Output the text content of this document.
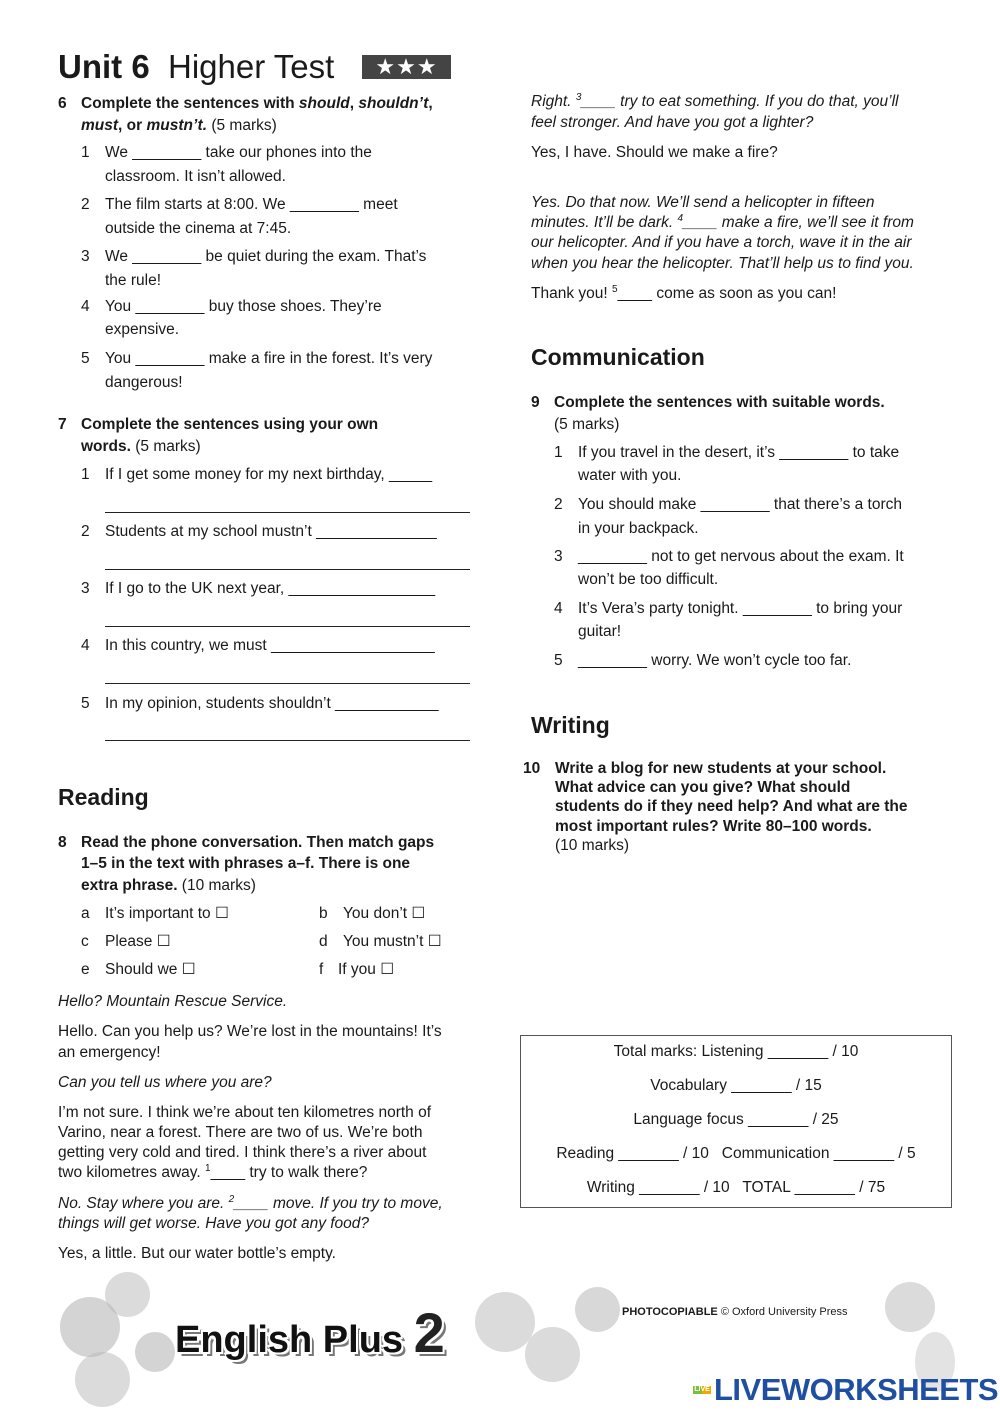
Unit 6 Higher Test	★★★
6 Complete the sentences with should, shouldn’t,
must, or mustn’t. (5 marks)
1 We ________ take our phones into the
classroom. It isn’t allowed.
2 The film starts at 8:00. We ________ meet
outside the cinema at 7:45.
3 We ________ be quiet during the exam. That’s
the rule!
4 You ________ buy those shoes. They’re
expensive.
5 You ________ make a fire in the forest. It’s very
dangerous!
7 Complete the sentences using your own
words. (5 marks)
1 If I get some money for my next birthday, _____
2 Students at my school mustn’t ______________
3 If I go to the UK next year, _________________
4 In this country, we must ___________________
5 In my opinion, students shouldn’t ____________
Reading
8 Read the phone conversation. Then match gaps
1–5 in the text with phrases a–f. There is one
extra phrase. (10 marks)
a It’s important to ☐	b You don’t ☐
c Please ☐	d You mustn’t ☐
e Should we ☐	f If you ☐
Hello? Mountain Rescue Service.
Hello. Can you help us? We’re lost in the mountains! It’s
an emergency!
Can you tell us where you are?
I’m not sure. I think we’re about ten kilometres north of
Varino, near a forest. There are two of us. We’re both
getting very cold and tired. I think there’s a river about
two kilometres away. $^1$____ try to walk there?
No. Stay where you are. $^2$____ move. If you try to move,
things will get worse. Have you got any food?
Yes, a little. But our water bottle’s empty.
Right. $^3$____ try to eat something. If you do that, you’ll
feel stronger. And have you got a lighter?
Yes, I have. Should we make a fire?
Yes. Do that now. We’ll send a helicopter in fifteen
minutes. It’ll be dark. $^4$____ make a fire, we’ll see it from
our helicopter. And if you have a torch, wave it in the air
when you hear the helicopter. That’ll help us to find you.
Thank you! $^5$____ come as soon as you can!
Communication
9 Complete the sentences with suitable words.
(5 marks)
1 If you travel in the desert, it’s ________ to take
water with you.
2 You should make ________ that there’s a torch
in your backpack.
3 ________ not to get nervous about the exam. It
won’t be too difficult.
4 It’s Vera’s party tonight. ________ to bring your
guitar!
5 ________ worry. We won’t cycle too far.
Writing
10 Write a blog for new students at your school.
What advice can you give? What should
students do if they need help? And what are the
most important rules? Write 80–100 words.
(10 marks)
Total marks: Listening _______ / 10
Vocabulary _______ / 15
Language focus _______ / 25
Reading _______ / 10   Communication _______ / 5
Writing _______ / 10   TOTAL _______ / 75
English Plus 2	PHOTOCOPIABLE © Oxford University Press
LIVE LIVEWORKSHEETS
